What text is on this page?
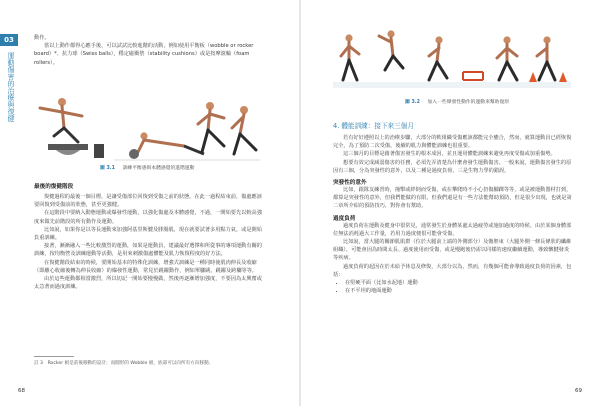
03
運動傷害的治療與復健

動作。

當以上動作都得心應手後，可以試試比較進階的活動，例如使用平衡板（wobble or rocker board）*、抗力球（Swiss balls），穩定磁衝墊（stability cushions）或是按摩滾輪（foam rollers）。

圖 3.1 訓練平衡感與本體感覺的進階運動
最後的復健階段

復健過程的最後一個目標，是讓受傷部位回復到受傷之前的狀態。在此一過程結束前，傷處應該要回復到受傷前的狀態，甚至更強健。

在這階段中要納入動態運動或爆發性運動，以強化傷處及本體感覺，不過，一開始要先以較高強度來做先前階段的所有動作及運動。

比如說，如果你是以等長運動來加強阿基里斯腱及腓腸肌，現在就要試著多用點力氣，或是開始負重訓練。

接著，漸漸融入一些比較激烈的運動，如果是運動員，建議最好選擇和所從事的專項運動有關的訓練，按均衡營及訓練運動等活動，是用來刺激傷處體能及肌力恢復程度的好方法。

在復健階段結束的時候，要開始基本的特殊化訓練，增強式訓練是一種同時使肌肉伸長及收縮（即離心收縮後轉為伸長收縮）的爆發性運動，常見於跳躍動作，例如單腳跳、跳躍及跨欄等等。

由於這些運動都相當激烈，所以切記一開始要慢慢做，然後再逐漸增加強度，不要因為太興奮或太急著而過度訓練。

註 3　Rocker 板是前後移動的設計；而圓形的 Wobble 板，底部可以向所有方向移動。
68
圖 3.2 加入一些爆發性動作的運動來幫助復原
4. 體能訓練：接下來三個月

若有好好遵照以上的治療步驟，大部分的軟組織受傷應該都能完全癒合，然而，就算運動員已經恢復完全，為了預防二次受傷，後續的肌力與體能訓練也很重要。

這三個月的目標是藉著傷害發生的根本成因，並且運用體能訓練來避免再度受傷或加重傷勢。

想要有效完成減弱傷害的任務，必須先弄清楚為什麼會發生運動傷害。一般來說，運動傷害發生的原因有三個，分為突發性的意外，以及二種是過度負荷，三是生物力學的錯誤。

突發性的意外

比如，跟隊友練習時，撞擊或絆倒而受傷，或在攀爬時不小心扭傷腳踝等等，或是被運動器材打到，都算是突發性的意外，但我們能做的有限，但我們還是有一些方法能幫助預防，但是很少出現，也就是第二章所介紹的預防技巧，對你會有幫助。

過度負荷

過度負荷在運動及健身中很常見，通常發生於身體某處太過疲勞或施加過度的時候。由於某個身體部位無法消耗過大工作量，若用力過度便很可能會受傷。

比如說，當大腿的關節肌肌群（位於大腿前上端的外側部分）及髂脛束（大腿外側一條長條狀的纖維組織），可能會因為時間太長、過度使用而受傷，或是慢跑後仍需以同樣的速度繼續運動，導致髕腱發炎等疾病。

過度負荷的起因在於未給予休息及修復，大部分以為，然而，有幾個可能會導致過度負荷的因素，包括：

• 在堅硬平面（比如水泥地）運動
• 在不平坦的地面運動
69
